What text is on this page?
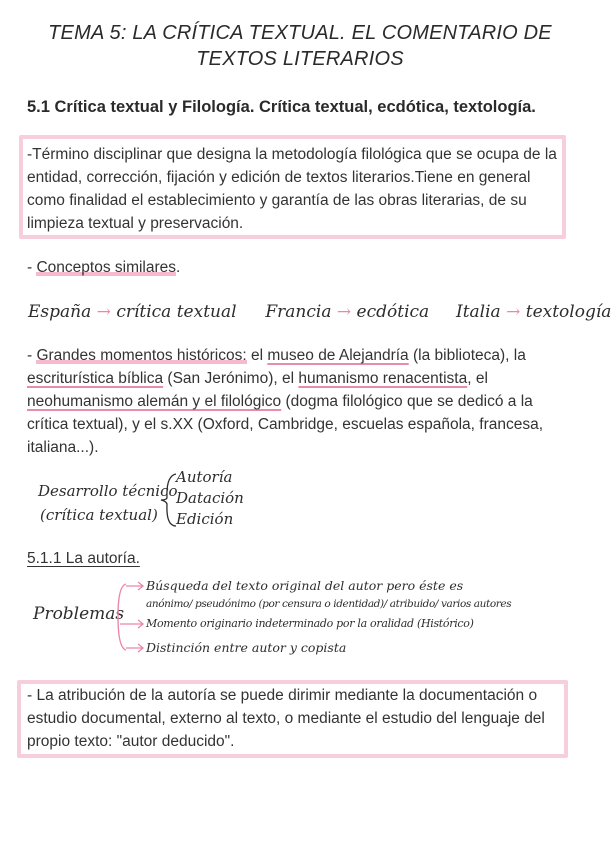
TEMA 5: LA CRÍTICA TEXTUAL. EL COMENTARIO DE
TEXTOS LITERARIOS
5.1 Crítica textual y Filología. Crítica textual, ecdótica, textología.
-Término disciplinar que designa la metodología filológica que se ocupa de la entidad, corrección, fijación y edición de textos literarios.Tiene en general como finalidad el establecimiento y garantía de las obras literarias, de su limpieza textual y preservación.
- Conceptos similares.
España → crítica textual Francia → ecdótica Italia → textología
- Grandes momentos históricos: el museo de Alejandría (la biblioteca), la escriturística bíblica (San Jerónimo), el humanismo renacentista, el neohumanismo alemán y el filológico (dogma filológico que se dedicó a la crítica textual), y el s.XX (Oxford, Cambridge, escuelas española, francesa, italiana...).
Desarrollo técnico
(crítica textual)
Autoría
Datación
Edición
5.1.1 La autoría.
Problemas
Búsqueda del texto original del autor pero éste es
anónimo/ pseudónimo (por censura o identidad)/ atribuido/ varios autores
Momento originario indeterminado por la oralidad (Histórico)
Distinción entre autor y copista
- La atribución de la autoría se puede dirimir mediante la documentación o estudio documental, externo al texto, o mediante el estudio del lenguaje del propio texto: "autor deducido".
